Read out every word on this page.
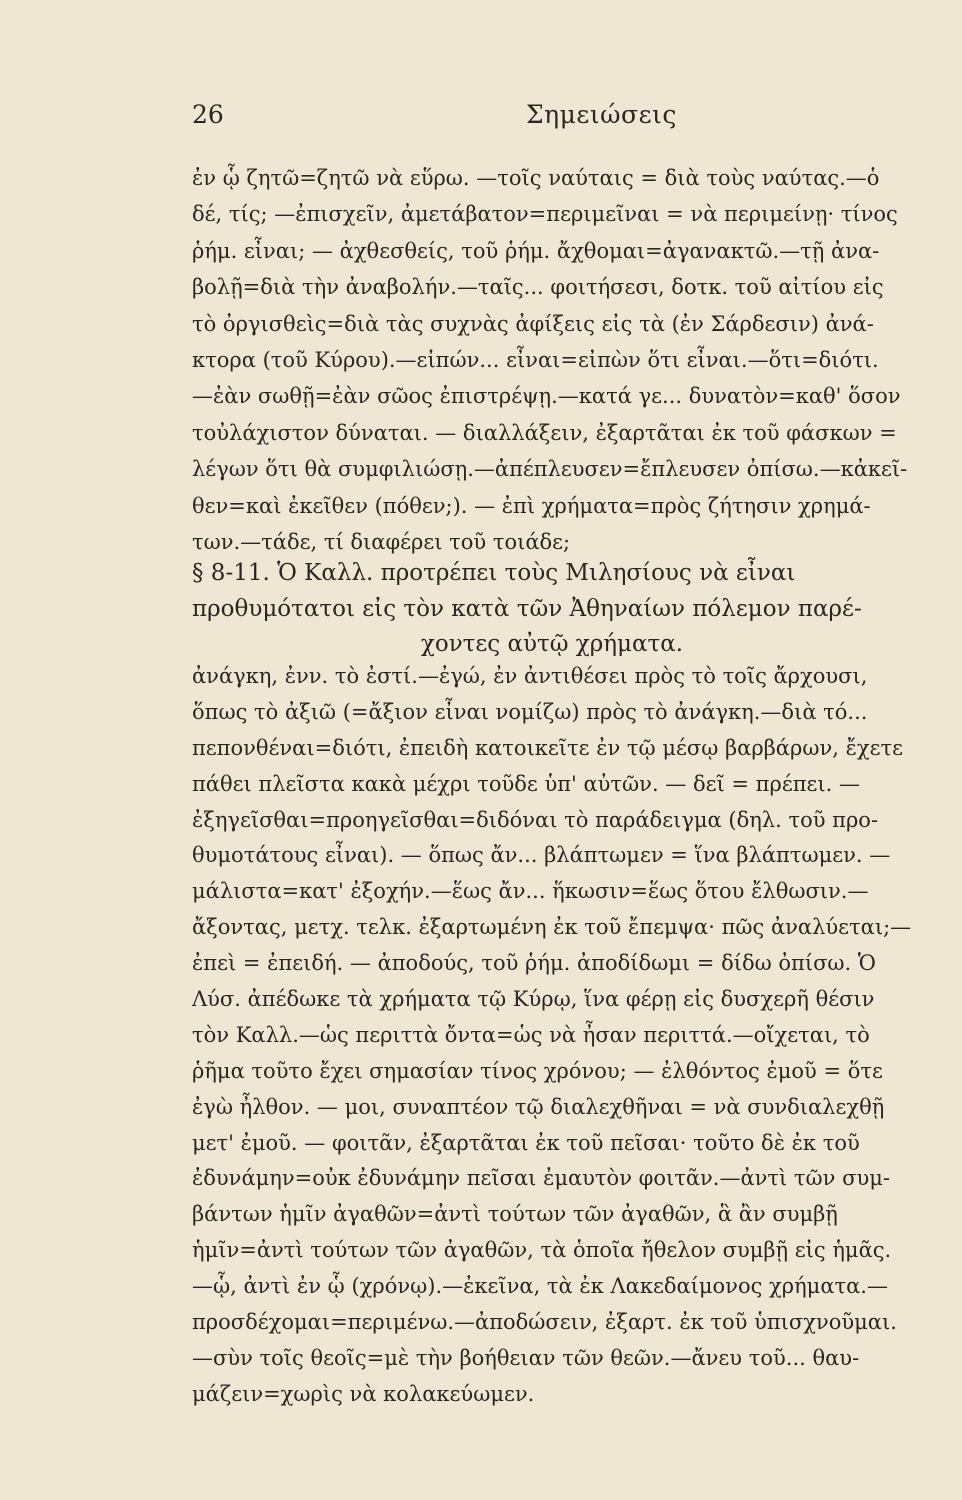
26	Σημειώσεις
ἐν ᾧ ζητῶ=ζητῶ νὰ εὕρω. —τοῖς ναύταις = διὰ τοὺς ναύτας.—ὁ
δέ, τίς; —ἐπισχεῖν, ἀμετάβατον=περιμεῖναι = νὰ περιμείνῃ· τίνος
ῥήμ. εἶναι; — ἀχθεσθείς, τοῦ ῥήμ. ἄχθομαι=ἀγανακτῶ.—τῇ ἀνα-
βολῇ=διὰ τὴν ἀναβολήν.—ταῖς... φοιτήσεσι, δοτκ. τοῦ αἰτίου εἰς
τὸ ὀργισθεὶς=διὰ τὰς συχνὰς ἀφίξεις εἰς τὰ (ἐν Σάρδεσιν) ἀνά-
κτορα (τοῦ Κύρου).—εἰπών... εἶναι=εἰπὼν ὅτι εἶναι.—ὅτι=διότι.
—ἐὰν σωθῇ=ἐὰν σῶος ἐπιστρέψῃ.—κατά γε... δυνατὸν=καθ' ὅσον
τοὐλάχιστον δύναται. — διαλλάξειν, ἐξαρτᾶται ἐκ τοῦ φάσκων =
λέγων ὅτι θὰ συμφιλιώσῃ.—ἀπέπλευσεν=ἔπλευσεν ὀπίσω.—κἀκεῖ-
θεν=καὶ ἐκεῖθεν (πόθεν;). — ἐπὶ χρήματα=πρὸς ζήτησιν χρημά-
των.—τάδε, τί διαφέρει τοῦ τοιάδε;
§ 8-11. Ὁ Καλλ. προτρέπει τοὺς Μιλησίους νὰ εἶναι
προθυμότατοι εἰς τὸν κατὰ τῶν Ἀθηναίων πόλεμον παρέ-
χοντες αὐτῷ χρήματα.
ἀνάγκη, ἐνν. τὸ ἐστί.—ἐγώ, ἐν ἀντιθέσει πρὸς τὸ τοῖς ἄρχουσι,
ὅπως τὸ ἀξιῶ (=ἄξιον εἶναι νομίζω) πρὸς τὸ ἀνάγκη.—διὰ τό...
πεπονθέναι=διότι, ἐπειδὴ κατοικεῖτε ἐν τῷ μέσῳ βαρβάρων, ἔχετε
πάθει πλεῖστα κακὰ μέχρι τοῦδε ὑπ' αὐτῶν. — δεῖ = πρέπει. —
ἐξηγεῖσθαι=προηγεῖσθαι=διδόναι τὸ παράδειγμα (δηλ. τοῦ προ-
θυμοτάτους εἶναι). — ὅπως ἄν... βλάπτωμεν = ἵνα βλάπτωμεν. —
μάλιστα=κατ' ἐξοχήν.—ἕως ἄν... ἥκωσιν=ἕως ὅτου ἔλθωσιν.—
ἄξοντας, μετχ. τελκ. ἐξαρτωμένη ἐκ τοῦ ἔπεμψα· πῶς ἀναλύεται;—
ἐπεὶ = ἐπειδή. — ἀποδούς, τοῦ ῥήμ. ἀποδίδωμι = δίδω ὀπίσω. Ὁ
Λύσ. ἀπέδωκε τὰ χρήματα τῷ Κύρῳ, ἵνα φέρῃ εἰς δυσχερῆ θέσιν
τὸν Καλλ.—ὡς περιττὰ ὄντα=ὡς νὰ ἦσαν περιττά.—οἴχεται, τὸ
ῥῆμα τοῦτο ἔχει σημασίαν τίνος χρόνου; — ἐλθόντος ἐμοῦ = ὅτε
ἐγὼ ἦλθον. — μοι, συναπτέον τῷ διαλεχθῆναι = νὰ συνδιαλεχθῇ
μετ' ἐμοῦ. — φοιτᾶν, ἐξαρτᾶται ἐκ τοῦ πεῖσαι· τοῦτο δὲ ἐκ τοῦ
ἐδυνάμην=οὐκ ἐδυνάμην πεῖσαι ἐμαυτὸν φοιτᾶν.—ἀντὶ τῶν συμ-
βάντων ἡμῖν ἀγαθῶν=ἀντὶ τούτων τῶν ἀγαθῶν, ἃ ἂν συμβῇ
ἡμῖν=ἀντὶ τούτων τῶν ἀγαθῶν, τὰ ὁποῖα ἤθελον συμβῇ εἰς ἡμᾶς.
—ᾧ, ἀντὶ ἐν ᾧ (χρόνῳ).—ἐκεῖνα, τὰ ἐκ Λακεδαίμονος χρήματα.—
προσδέχομαι=περιμένω.—ἀποδώσειν, ἐξαρτ. ἐκ τοῦ ὑπισχνοῦμαι.
—σὺν τοῖς θεοῖς=μὲ τὴν βοήθειαν τῶν θεῶν.—ἄνευ τοῦ... θαυ-
μάζειν=χωρὶς νὰ κολακεύωμεν.
